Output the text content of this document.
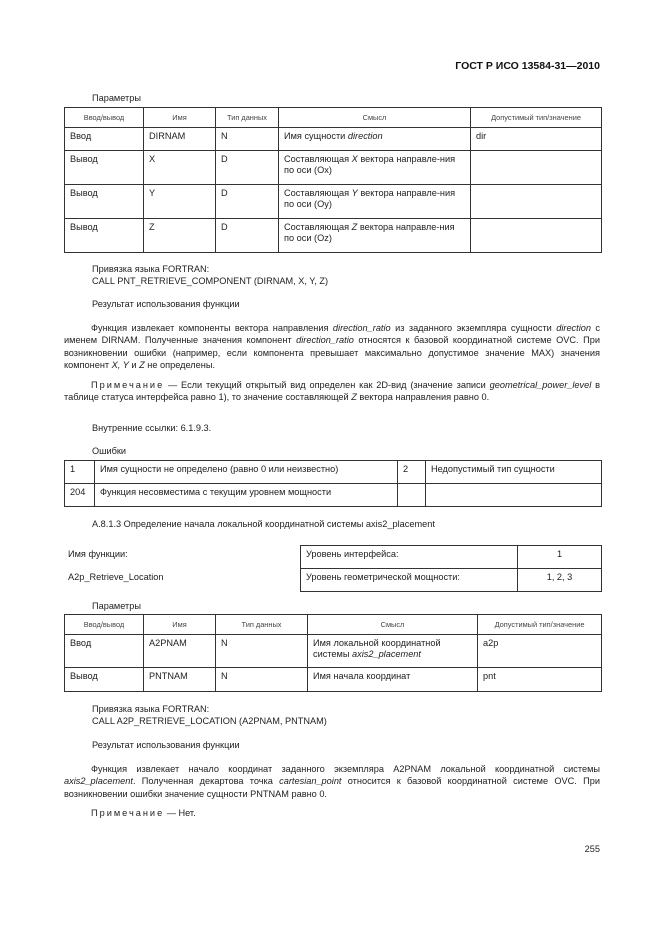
ГОСТ Р ИСО 13584-31—2010
Параметры
Ввод/вывод	Имя	Тип данных	Смысл	Допустимый тип/значение
Ввод	DIRNAM	N	Имя сущности direction	dir
Вывод	X	D	Составляющая X вектора направле-ния по оси (Ox)	
Вывод	Y	D	Составляющая Y вектора направле-ния по оси (Oy)	
Вывод	Z	D	Составляющая Z вектора направле-ния по оси (Oz)	
Привязка языка FORTRAN:
CALL PNT_RETRIEVE_COMPONENT (DIRNAM, X, Y, Z)
Результат использования функции
Функция извлекает компоненты вектора направления direction_ratio из заданного экземпляра сущности direction с именем DIRNAM. Полученные значения компонент direction_ratio относятся к базовой координатной системе OVC. При возникновении ошибки (например, если компонента превышает максимально допустимое значение MAX) значения компонент X, Y и Z не определены.
Примечание — Если текущий открытый вид определен как 2D-вид (значение записи geometrical_power_level в таблице статуса интерфейса равно 1), то значение составляющей Z вектора направления равно 0.
Внутренние ссылки: 6.1.9.3.
Ошибки
1	Имя сущности не определено (равно 0 или неизвестно)	2	Недопустимый тип сущности
204	Функция несовместима с текущим уровнем мощности		
А.8.1.3 Определение начала локальной координатной системы axis2_placement
Имя функции:
A2p_Retrieve_Location
Уровень интерфейса:	1
Уровень геометрической мощности:	1, 2, 3
Параметры
Ввод/вывод	Имя	Тип данных	Смысл	Допустимый тип/значение
Ввод	A2PNAM	N	Имя локальной координатной системы axis2_placement	a2p
Вывод	PNTNAM	N	Имя начала координат	pnt
Привязка языка FORTRAN:
CALL A2P_RETRIEVE_LOCATION (A2PNAM, PNTNAM)
Результат использования функции
Функция извлекает начало координат заданного экземпляра A2PNAM локальной координатной системы axis2_placement. Полученная декартова точка cartesian_point относится к базовой координатной системе OVC. При возникновении ошибки значение сущности PNTNAM равно 0.
Примечание — Нет.
255
